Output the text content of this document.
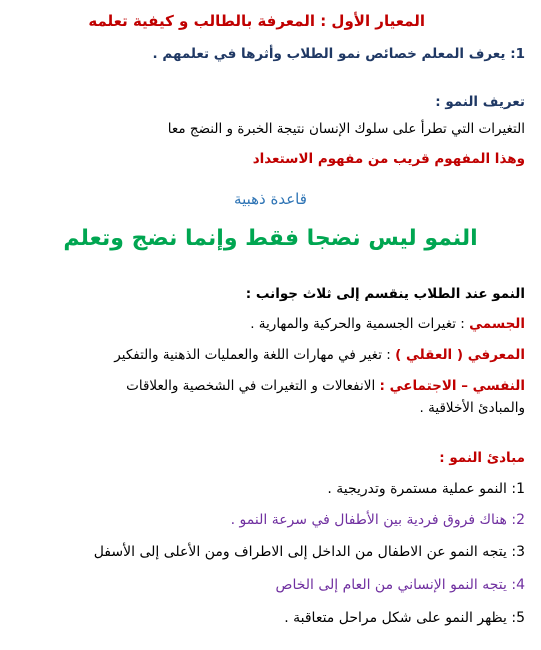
المعيار الأول : المعرفة بالطالب و كيفية تعلمه
1: يعرف المعلم خصائص نمو الطلاب وأثرها في تعلمهم .
تعريف النمو :
التغيرات التي تطرأ على سلوك الإنسان نتيجة الخبرة و النضج معا
وهذا المفهوم قريب من مفهوم الاستعداد
قاعدة ذهبية
النمو ليس نضجا فقط وإنما نضج وتعلم
النمو عند الطلاب ينقسم إلى ثلاث جوانب :
الجسمي : تغيرات الجسمية والحركية والمهارية .
المعرفي ( العقلي ) : تغير في مهارات اللغة والعمليات الذهنية والتفكير
النفسي – الاجتماعي : الانفعالات و التغيرات في الشخصية والعلاقات
والمبادئ الأخلاقية .
مبادئ النمو :
1: النمو عملية مستمرة وتدريجية .
2: هناك فروق فردية بين الأطفال في سرعة النمو .
3: يتجه النمو عن الاطفال من الداخل إلى الاطراف ومن الأعلى إلى الأسفل
4: يتجه النمو الإنساني من العام إلى الخاص
5: يظهر النمو على شكل مراحل متعاقبة .
